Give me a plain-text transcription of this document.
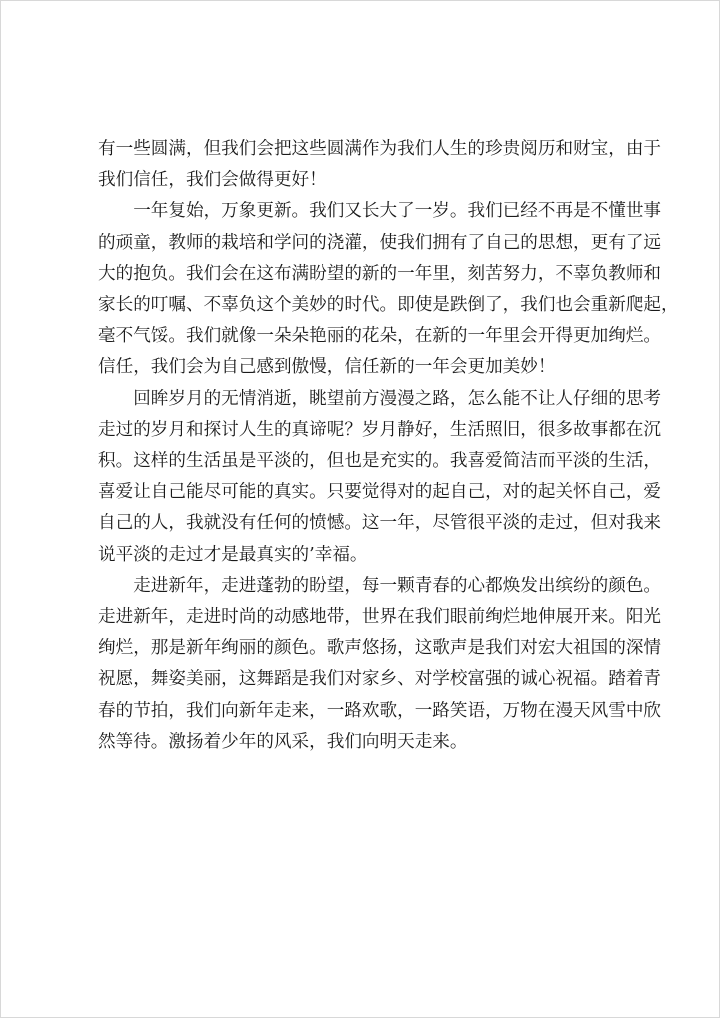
有一些圆满，但我们会把这些圆满作为我们人生的珍贵阅历和财宝，由于
我们信任，我们会做得更好！
一年复始，万象更新。我们又长大了一岁。我们已经不再是不懂世事
的顽童，教师的栽培和学问的浇灌，使我们拥有了自己的思想，更有了远
大的抱负。我们会在这布满盼望的新的一年里，刻苦努力，不辜负教师和
家长的叮嘱、不辜负这个美妙的时代。即使是跌倒了，我们也会重新爬起，
毫不气馁。我们就像一朵朵艳丽的花朵，在新的一年里会开得更加绚烂。
信任，我们会为自己感到傲慢，信任新的一年会更加美妙！
回眸岁月的无情消逝，眺望前方漫漫之路，怎么能不让人仔细的思考
走过的岁月和探讨人生的真谛呢？岁月静好，生活照旧，很多故事都在沉
积。这样的生活虽是平淡的，但也是充实的。我喜爱简洁而平淡的生活，
喜爱让自己能尽可能的真实。只要觉得对的起自己，对的起关怀自己，爱
自己的人，我就没有任何的愤憾。这一年，尽管很平淡的走过，但对我来
说平淡的走过才是最真实的’幸福。
走进新年，走进蓬勃的盼望，每一颗青春的心都焕发出缤纷的颜色。
走进新年，走进时尚的动感地带，世界在我们眼前绚烂地伸展开来。阳光
绚烂，那是新年绚丽的颜色。歌声悠扬，这歌声是我们对宏大祖国的深情
祝愿，舞姿美丽，这舞蹈是我们对家乡、对学校富强的诚心祝福。踏着青
春的节拍，我们向新年走来，一路欢歌，一路笑语，万物在漫天风雪中欣
然等待。激扬着少年的风采，我们向明天走来。
